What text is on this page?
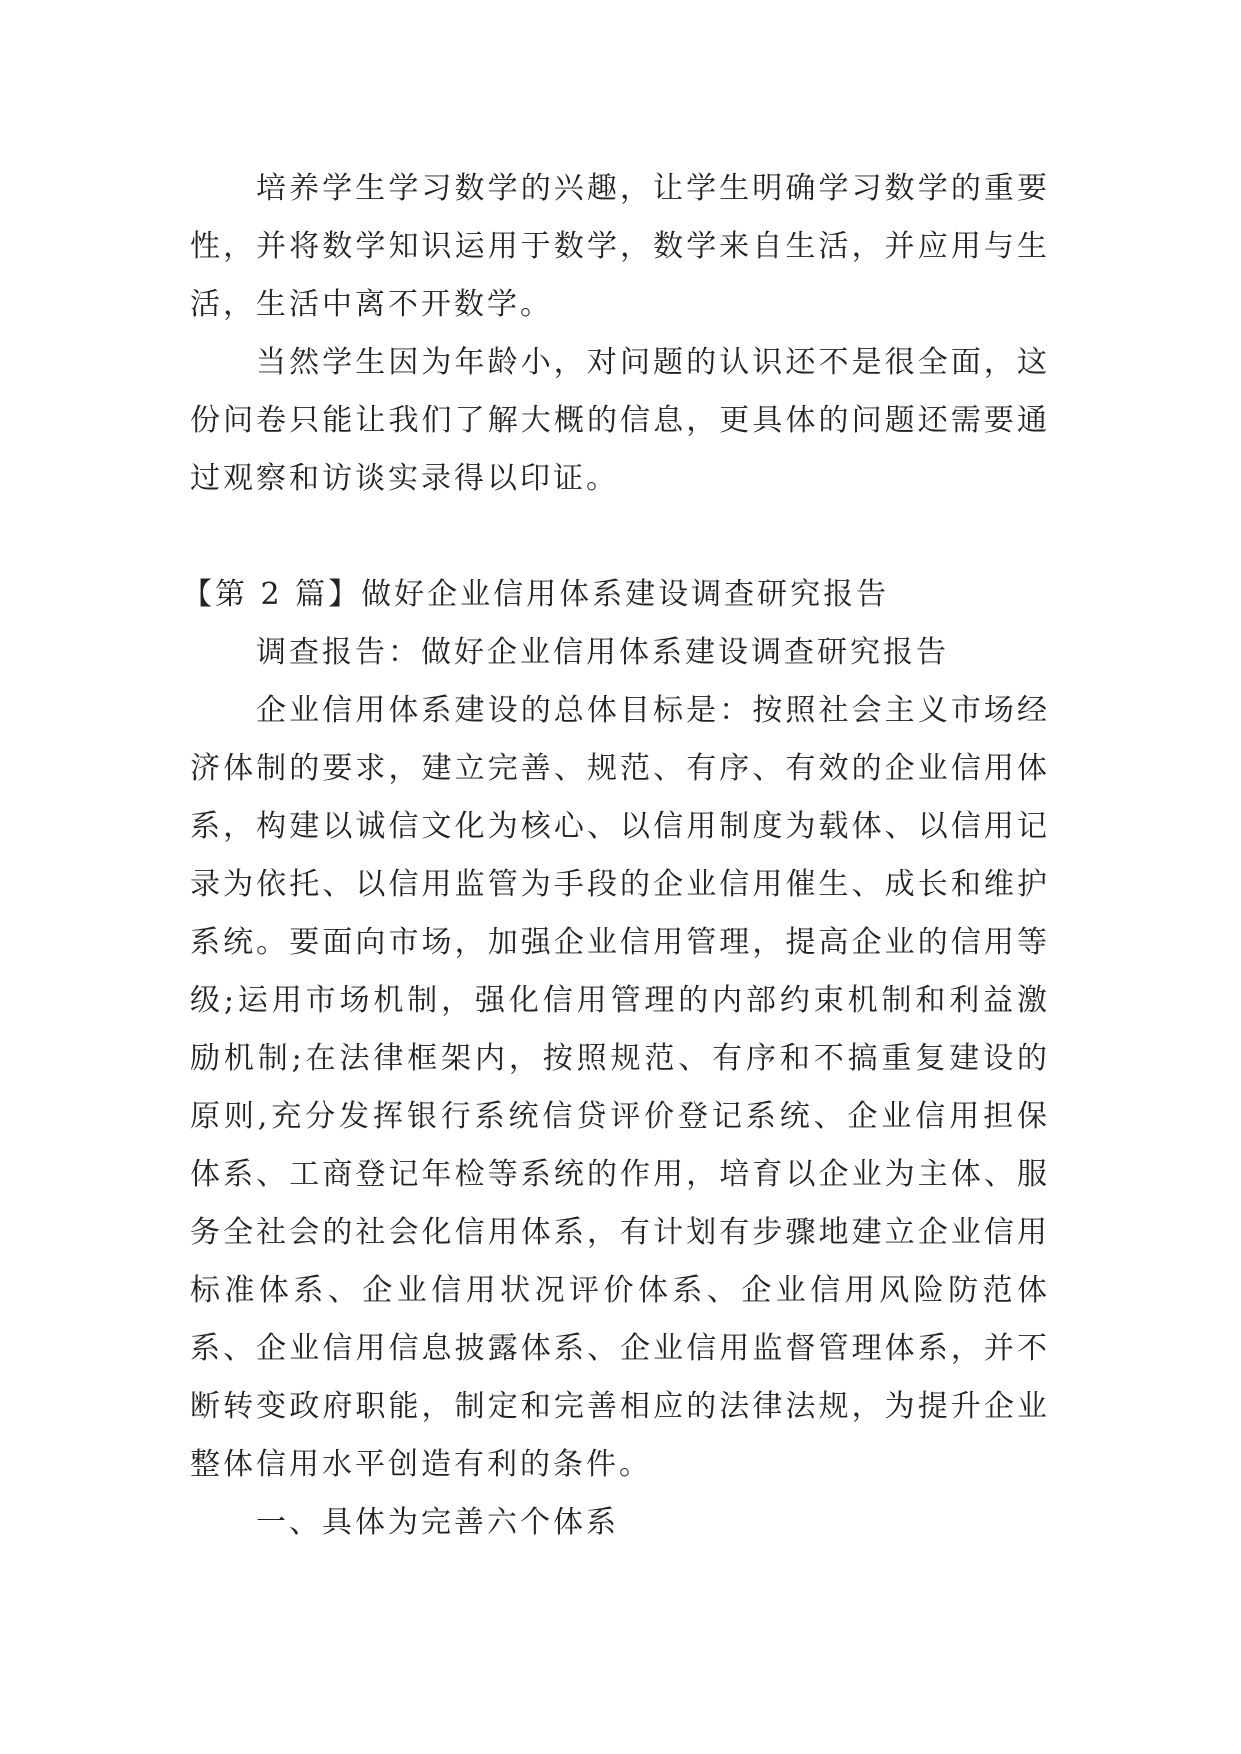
培养学生学习数学的兴趣，让学生明确学习数学的重要性，并将数学知识运用于数学，数学来自生活，并应用与生活，生活中离不开数学。

当然学生因为年龄小，对问题的认识还不是很全面，这份问卷只能让我们了解大概的信息，更具体的问题还需要通过观察和访谈实录得以印证。

【第 2 篇】做好企业信用体系建设调查研究报告

调查报告：做好企业信用体系建设调查研究报告

企业信用体系建设的总体目标是：按照社会主义市场经济体制的要求，建立完善、规范、有序、有效的企业信用体系，构建以诚信文化为核心、以信用制度为载体、以信用记录为依托、以信用监管为手段的企业信用催生、成长和维护系统。要面向市场，加强企业信用管理，提高企业的信用等级;运用市场机制，强化信用管理的内部约束机制和利益激励机制;在法律框架内，按照规范、有序和不搞重复建设的原则,充分发挥银行系统信贷评价登记系统、企业信用担保体系、工商登记年检等系统的作用，培育以企业为主体、服务全社会的社会化信用体系，有计划有步骤地建立企业信用标准体系、企业信用状况评价体系、企业信用风险防范体系、企业信用信息披露体系、企业信用监督管理体系，并不断转变政府职能，制定和完善相应的法律法规，为提升企业整体信用水平创造有利的条件。

一、具体为完善六个体系
